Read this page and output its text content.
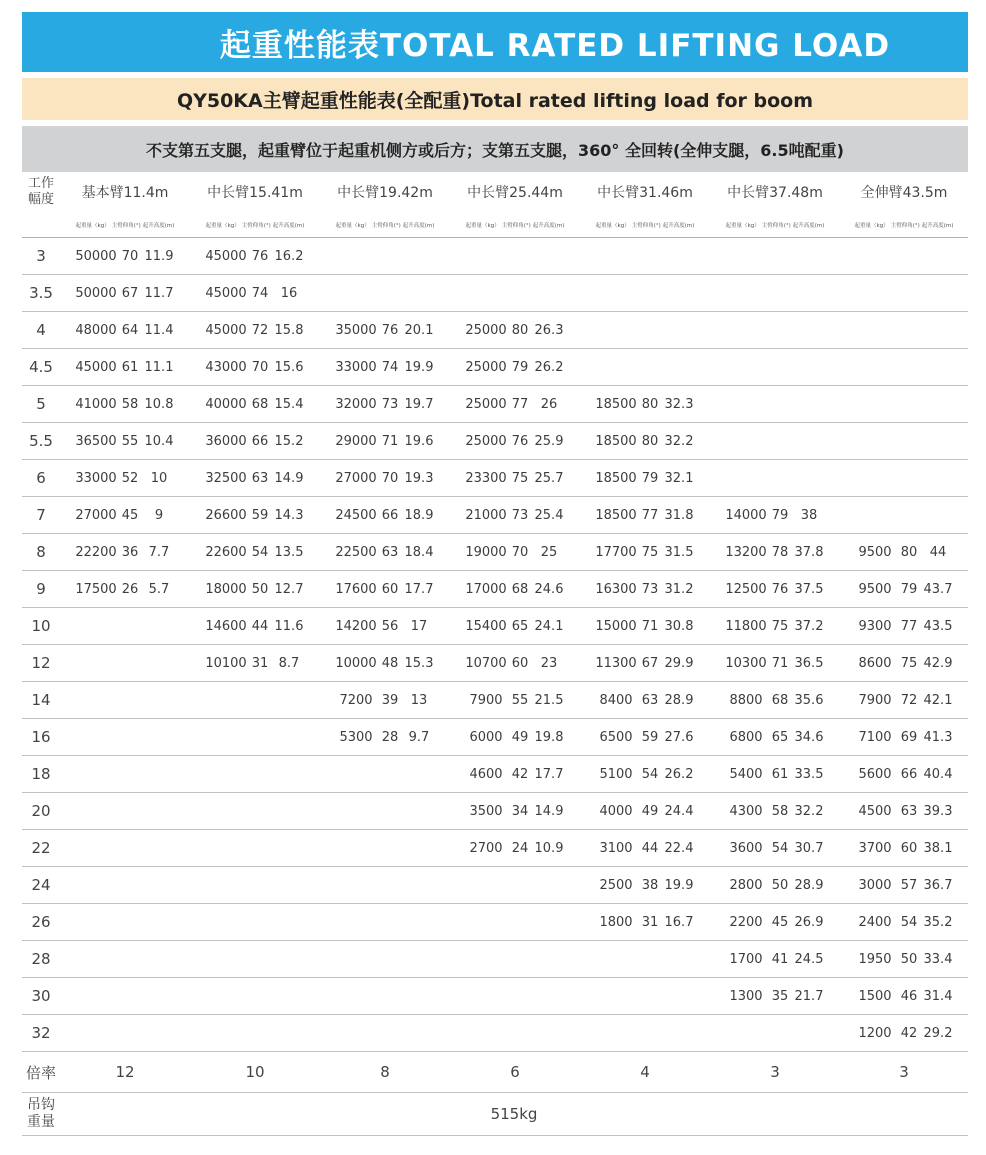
起重性能表TOTAL RATED LIFTING LOAD
QY50KA主臂起重性能表(全配重)Total rated lifting load for boom
不支第五支腿，起重臂位于起重机侧方或后方；支第五支腿，360° 全回转(全伸支腿，6.5吨配重)
工作
幅度	基本臂11.4m	中长臂15.41m	中长臂19.42m	中长臂25.44m	中长臂31.46m	中长臂37.48m	全伸臂43.5m

	起重量（kg） 主臂仰角(°) 起升高度(m)	起重量（kg） 主臂仰角(°) 起升高度(m)	起重量（kg） 主臂仰角(°) 起升高度(m)	起重量（kg） 主臂仰角(°) 起升高度(m)	起重量（kg） 主臂仰角(°) 起升高度(m)	起重量（kg） 主臂仰角(°) 起升高度(m)	起重量（kg） 主臂仰角(°) 起升高度(m)

3	50000 70 11.9	45000 76 16.2					

3.5	50000 67 11.7	45000 74 16					

4	48000 64 11.4	45000 72 15.8	35000 76 20.1	25000 80 26.3			

4.5	45000 61 11.1	43000 70 15.6	33000 74 19.9	25000 79 26.2			

5	41000 58 10.8	40000 68 15.4	32000 73 19.7	25000 77 26	18500 80 32.3		

5.5	36500 55 10.4	36000 66 15.2	29000 71 19.6	25000 76 25.9	18500 80 32.2		

6	33000 52 10	32500 63 14.9	27000 70 19.3	23300 75 25.7	18500 79 32.1		

7	27000 45 9	26600 59 14.3	24500 66 18.9	21000 73 25.4	18500 77 31.8	14000 79 38	

8	22200 36 7.7	22600 54 13.5	22500 63 18.4	19000 70 25	17700 75 31.5	13200 78 37.8	9500 80 44

9	17500 26 5.7	18000 50 12.7	17600 60 17.7	17000 68 24.6	16300 73 31.2	12500 76 37.5	9500 79 43.7

10		14600 44 11.6	14200 56 17	15400 65 24.1	15000 71 30.8	11800 75 37.2	9300 77 43.5

12		10100 31 8.7	10000 48 15.3	10700 60 23	11300 67 29.9	10300 71 36.5	8600 75 42.9

14			7200 39 13	7900 55 21.5	8400 63 28.9	8800 68 35.6	7900 72 42.1

16			5300 28 9.7	6000 49 19.8	6500 59 27.6	6800 65 34.6	7100 69 41.3

18				4600 42 17.7	5100 54 26.2	5400 61 33.5	5600 66 40.4

20				3500 34 14.9	4000 49 24.4	4300 58 32.2	4500 63 39.3

22				2700 24 10.9	3100 44 22.4	3600 54 30.7	3700 60 38.1

24					2500 38 19.9	2800 50 28.9	3000 57 36.7

26					1800 31 16.7	2200 45 26.9	2400 54 35.2

28						1700 41 24.5	1950 50 33.4

30						1300 35 21.7	1500 46 31.4

32							1200 42 29.2

倍率	12	10	8	6	4	3	3

吊钩
重量	515kg						
